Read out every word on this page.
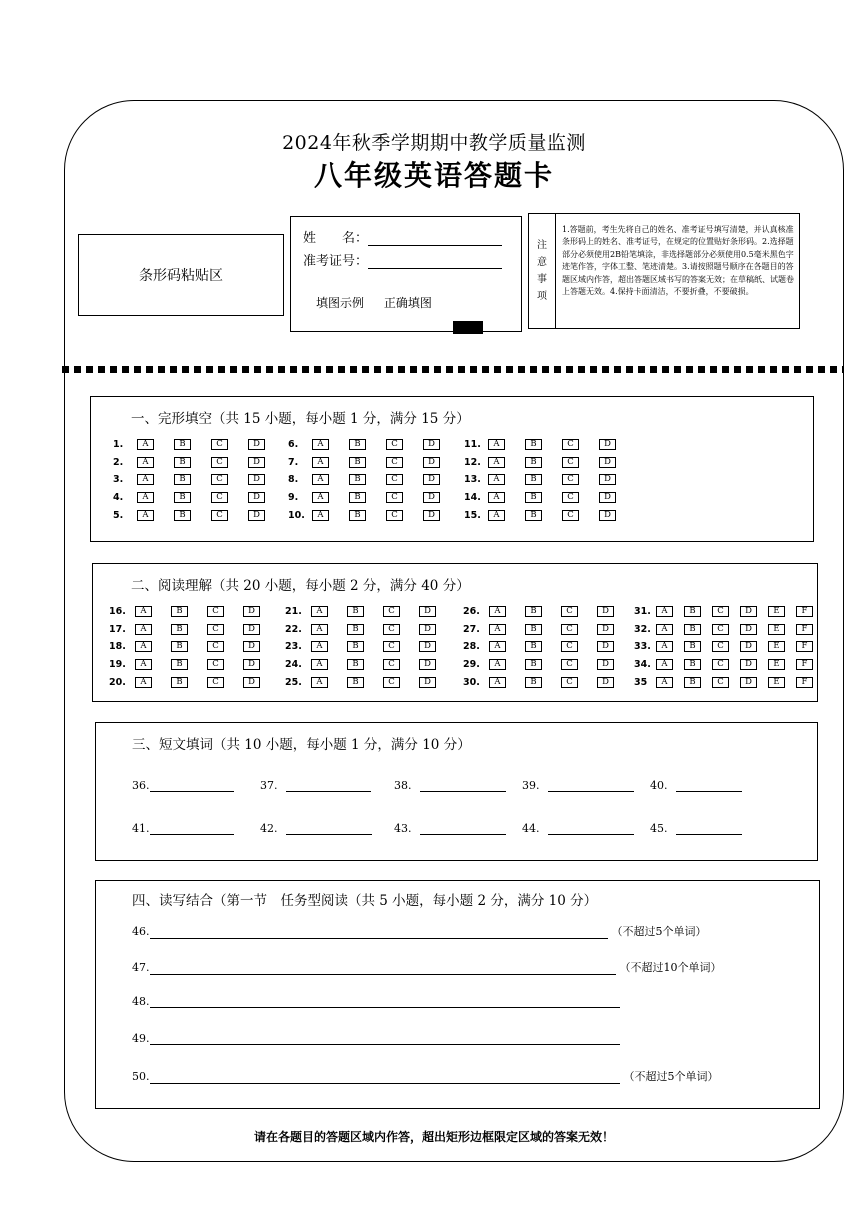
2024年秋季学期期中教学质量监测
八年级英语答题卡
条形码粘贴区
姓　　名：
准考证号：
填图示例 正确填图
注
意
事
项
1.答题前，考生先将自己的姓名、准考证号填写清楚，并认真核准条形码上的姓名、准考证号，在规定的位置贴好条形码。2.选择题部分必须使用2B铅笔填涂，非选择题部分必须使用0.5毫米黑色字迹笔作答，字体工整、笔迹清楚。3.请按照题号顺序在各题目的答题区域内作答，超出答题区域书写的答案无效；在草稿纸、试题卷上答题无效。4.保持卡面清洁，不要折叠，不要破损。
一、完形填空（共 15 小题，每小题 1 分，满分 15 分）
1.	A	B	C	D
2.	A	B	C	D
3.	A	B	C	D
4.	A	B	C	D
5.	A	B	C	D
6.	A	B	C	D
7.	A	B	C	D
8.	A	B	C	D
9.	A	B	C	D
10.	A	B	C	D
11.	A	B	C	D
12.	A	B	C	D
13.	A	B	C	D
14.	A	B	C	D
15.	A	B	C	D
二、阅读理解（共 20 小题，每小题 2 分，满分 40 分）
16.	A	B	C	D
17.	A	B	C	D
18.	A	B	C	D
19.	A	B	C	D
20.	A	B	C	D
21.	A	B	C	D
22.	A	B	C	D
23.	A	B	C	D
24.	A	B	C	D
25.	A	B	C	D
26.	A	B	C	D
27.	A	B	C	D
28.	A	B	C	D
29.	A	B	C	D
30.	A	B	C	D
31.	A	B	C	D	E	F
32.	A	B	C	D	E	F
33.	A	B	C	D	E	F
34.	A	B	C	D	E	F
35	A	B	C	D	E	F
三、短文填词（共 10 小题，每小题 1 分，满分 10 分）
36.	37.	38.	39.	40.
41.	42.	43.	44.	45.
四、读写结合（第一节　任务型阅读（共 5 小题，每小题 2 分，满分 10 分）
46.	（不超过5个单词）
47.	（不超过10个单词）
48.
49.
50.	（不超过5个单词）
请在各题目的答题区域内作答，超出矩形边框限定区域的答案无效！
